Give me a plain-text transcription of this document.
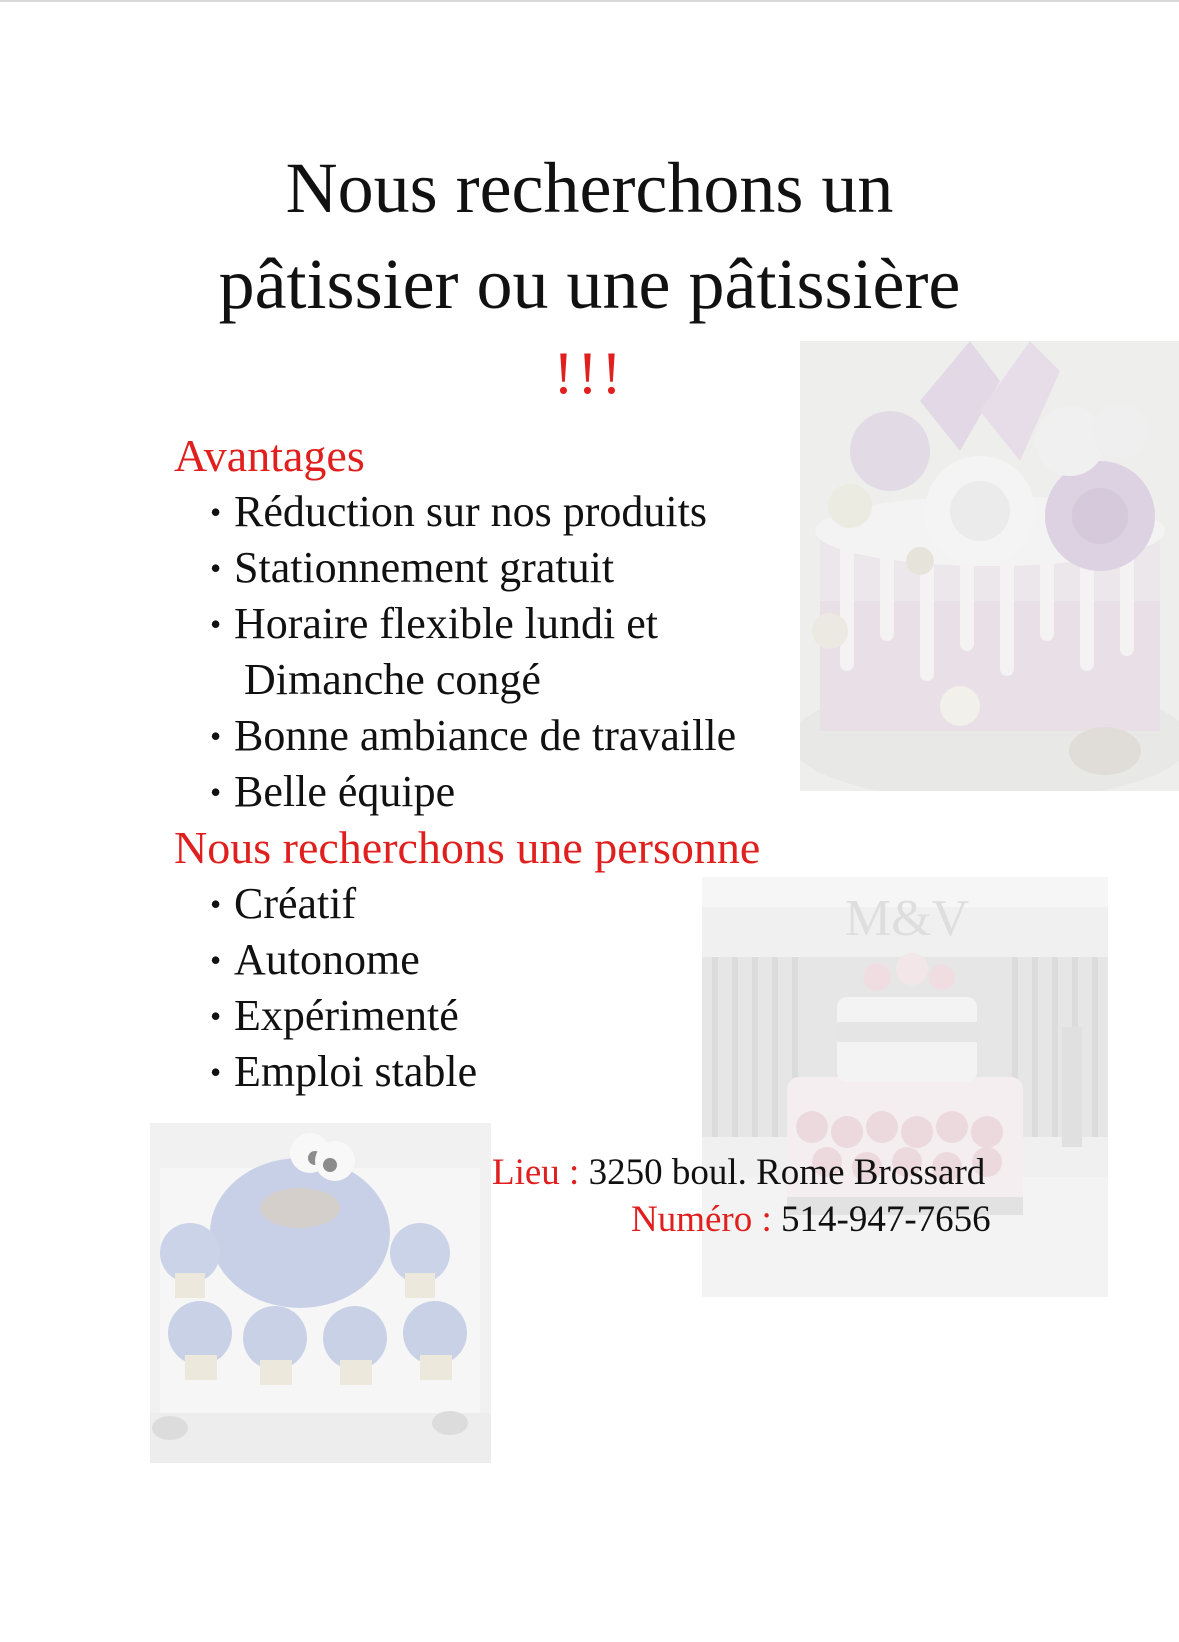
Nous recherchons un
pâtissier ou une pâtissière
M&V
!!!
Avantages
• Réduction sur nos produits
• Stationnement gratuit
• Horaire flexible lundi et
Dimanche congé
• Bonne ambiance de travaille
• Belle équipe
Nous recherchons une personne
• Créatif
• Autonome
• Expérimenté
• Emploi stable
Lieu : 3250 boul. Rome Brossard
Numéro : 514-947-7656
